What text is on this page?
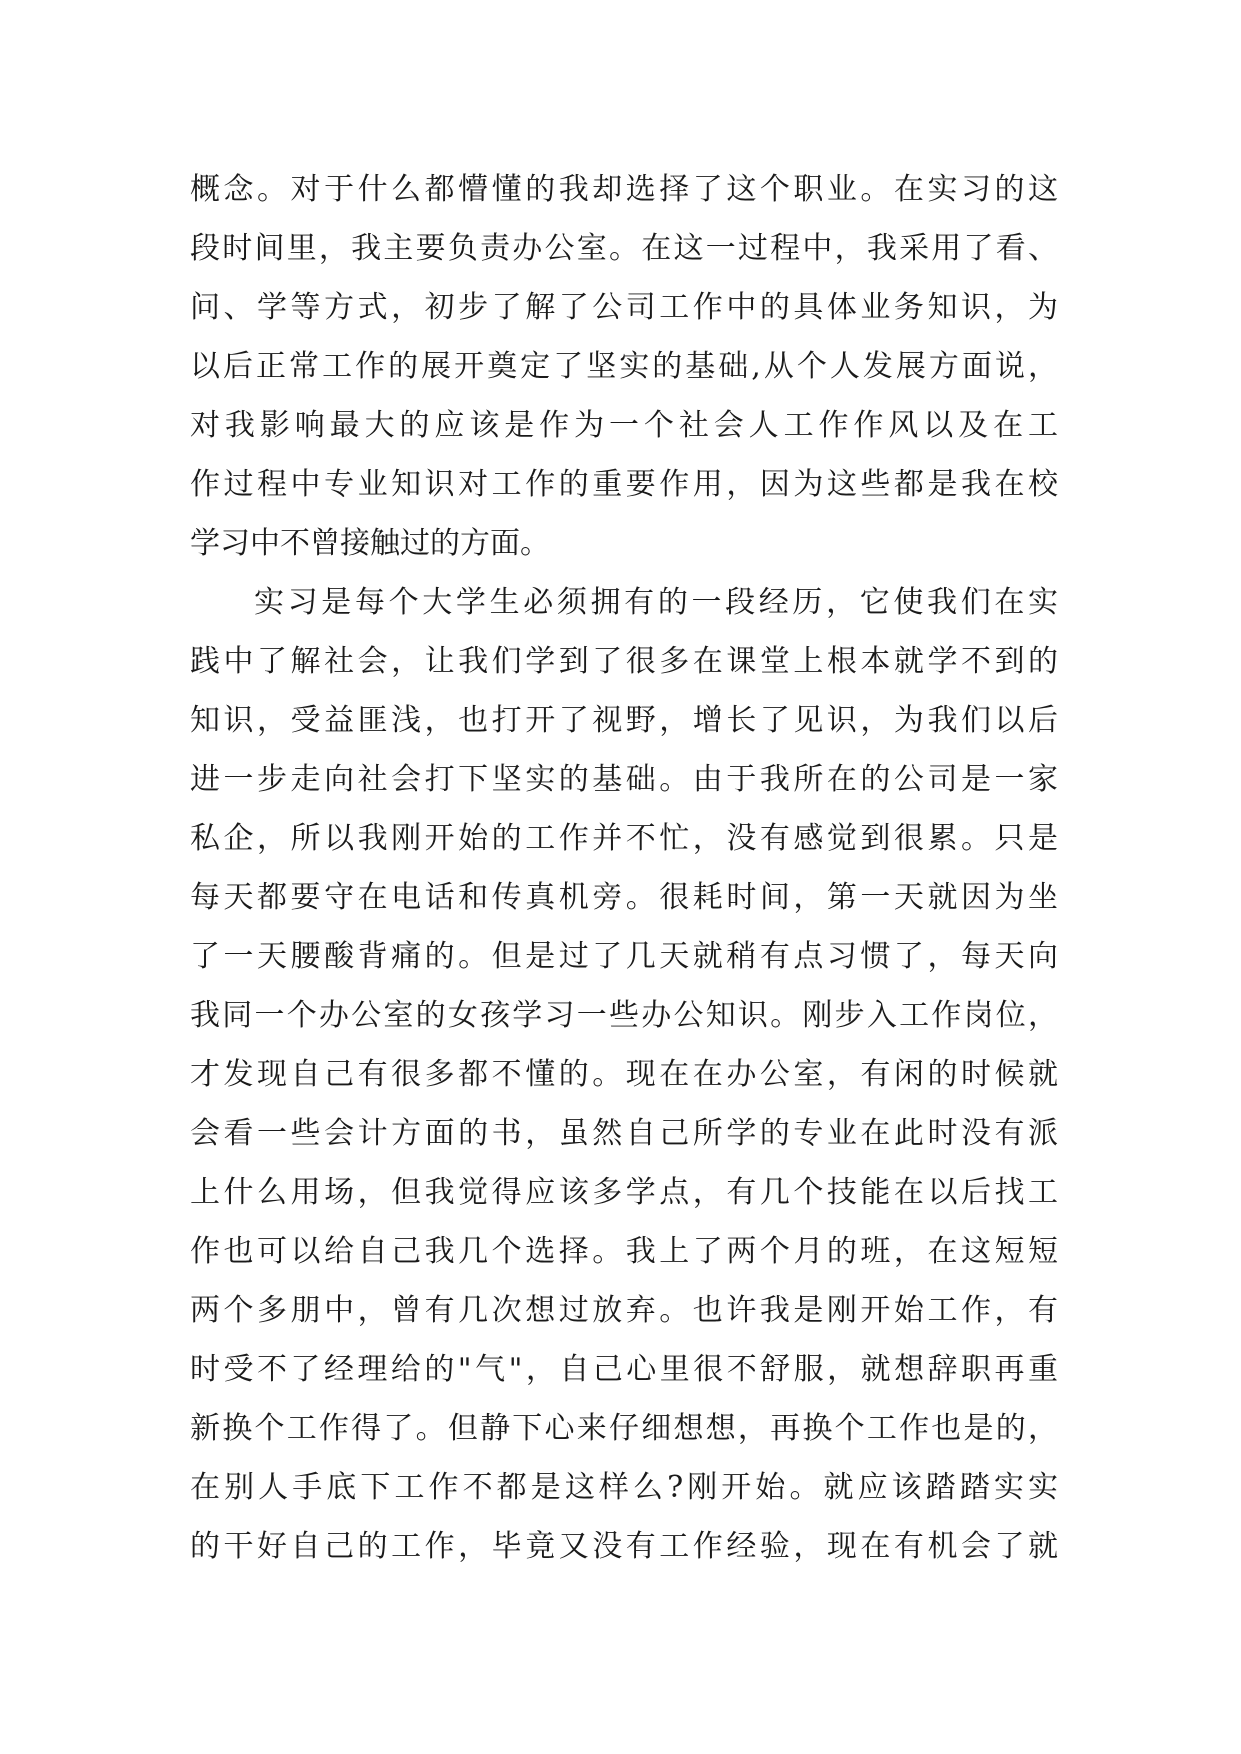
概念。对于什么都懵懂的我却选择了这个职业。在实习的这
段时间里，我主要负责办公室。在这一过程中，我采用了看、
问、学等方式，初步了解了公司工作中的具体业务知识，为
以后正常工作的展开奠定了坚实的基础,从个人发展方面说，
对我影响最大的应该是作为一个社会人工作作风以及在工
作过程中专业知识对工作的重要作用，因为这些都是我在校
学习中不曾接触过的方面。
实习是每个大学生必须拥有的一段经历，它使我们在实
践中了解社会，让我们学到了很多在课堂上根本就学不到的
知识，受益匪浅，也打开了视野，增长了见识，为我们以后
进一步走向社会打下坚实的基础。由于我所在的公司是一家
私企，所以我刚开始的工作并不忙，没有感觉到很累。只是
每天都要守在电话和传真机旁。很耗时间，第一天就因为坐
了一天腰酸背痛的。但是过了几天就稍有点习惯了，每天向
我同一个办公室的女孩学习一些办公知识。刚步入工作岗位，
才发现自己有很多都不懂的。现在在办公室，有闲的时候就
会看一些会计方面的书，虽然自己所学的专业在此时没有派
上什么用场，但我觉得应该多学点，有几个技能在以后找工
作也可以给自己我几个选择。我上了两个月的班，在这短短
两个多朋中，曾有几次想过放弃。也许我是刚开始工作，有
时受不了经理给的"气"，自己心里很不舒服，就想辞职再重
新换个工作得了。但静下心来仔细想想，再换个工作也是的，
在别人手底下工作不都是这样么?刚开始。就应该踏踏实实
的干好自己的工作，毕竟又没有工作经验，现在有机会了就
